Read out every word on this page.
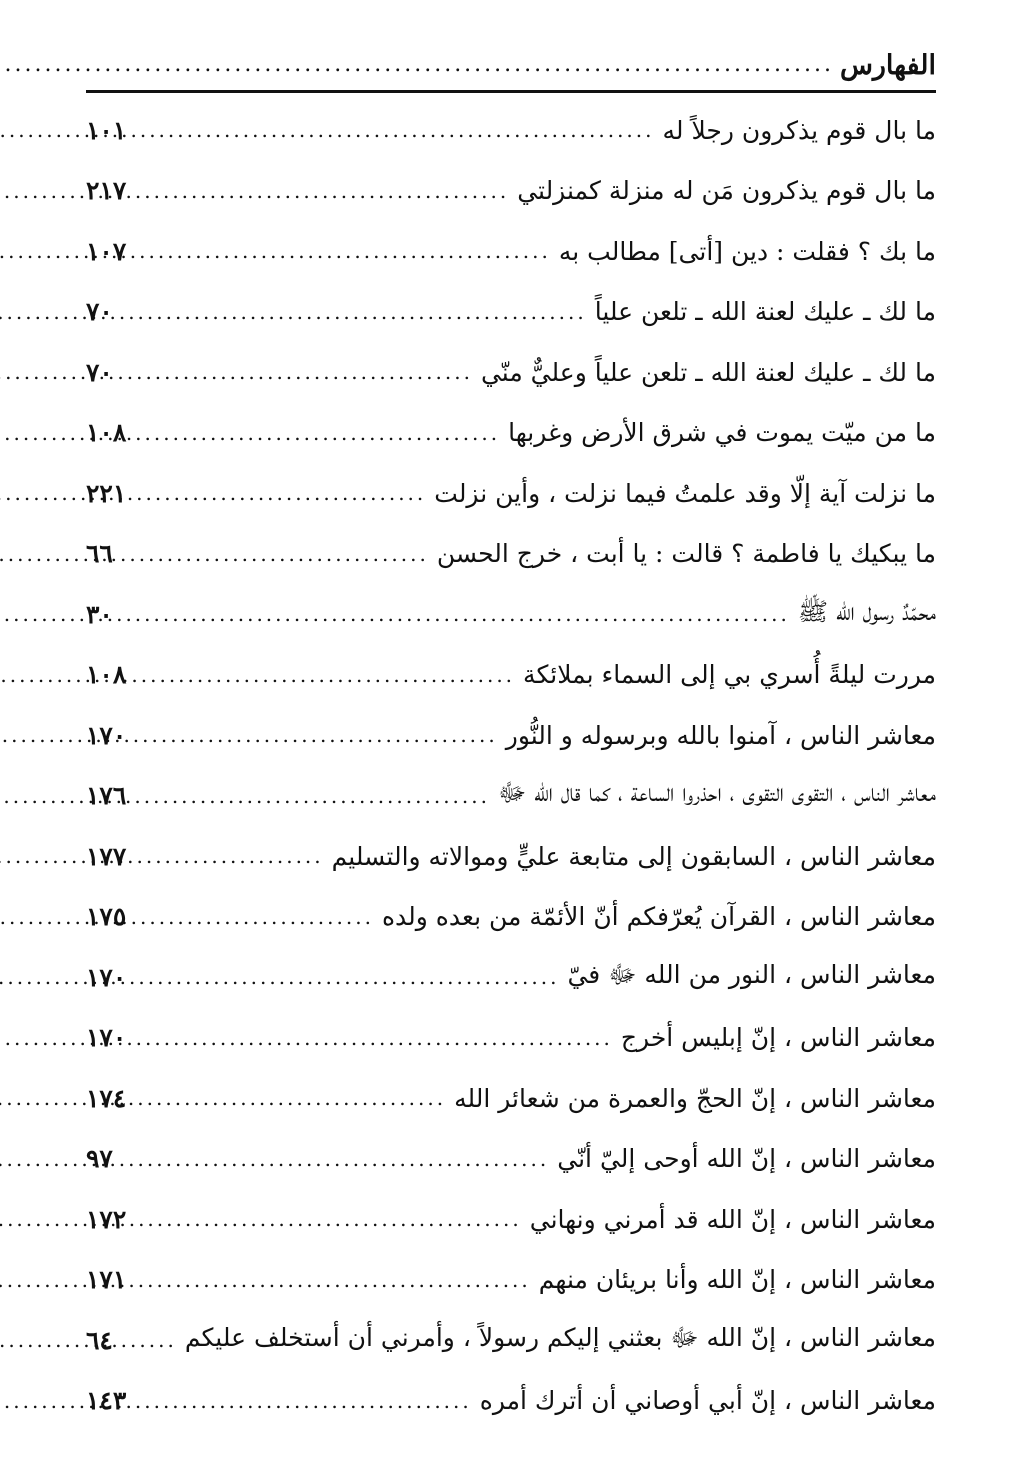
الفهارس
.....
ما بال قوم يذكرون رجلاً له
.....
١٠١
ما بال قوم يذكرون مَن له منزلة كمنزلتي
.....
٢١٧
ما بك ؟ فقلت : دين [أتى] مطالب به
.....
١٠٧
ما لك ـ عليك لعنة الله ـ تلعن علياً
.....
٧٠
ما لك ـ عليك لعنة الله ـ تلعن علياً وعليٌّ منّي
.....
٧٠
ما من ميّت يموت في شرق الأرض وغربها
.....
١٠٨
ما نزلت آية إلّا وقد علمتُ فيما نزلت ، وأين نزلت
.....
٢٢١
ما يبكيك يا فاطمة ؟ قالت : يا أبت ، خرج الحسن
.....
٦٦
محمّدٌ رسول الله ﷺ
.....
٣٠
مررت ليلةً أُسري بي إلى السماء بملائكة
.....
١٠٨
معاشر الناس ، آمنوا بالله وبرسوله و النُّور
.....
١٧٠
معاشر الناس ، التقوى التقوى ، احذروا الساعة ، كما قال الله ﷻ
.....
١٧٦
معاشر الناس ، السابقون إلى متابعة عليٍّ وموالاته والتسليم
.....
١٧٧
معاشر الناس ، القرآن يُعرّفكم أنّ الأئمّة من بعده ولده
.....
١٧٥
معاشر الناس ، النور من الله ﷻ فيّ
.....
١٧٠
معاشر الناس ، إنّ إبليس أخرج
.....
١٧٠
معاشر الناس ، إنّ الحجّ والعمرة من شعائر الله
.....
١٧٤
معاشر الناس ، إنّ الله أوحى إليّ أنّي
.....
٩٧
معاشر الناس ، إنّ الله قد أمرني ونهاني
.....
١٧٢
معاشر الناس ، إنّ الله وأنا بريئان منهم
.....
١٧١
معاشر الناس ، إنّ الله ﷻ بعثني إليكم رسولاً ، وأمرني أن أستخلف عليكم
.....
٦٤
معاشر الناس ، إنّ أبي أوصاني أن أترك أمره
.....
١٤٣
